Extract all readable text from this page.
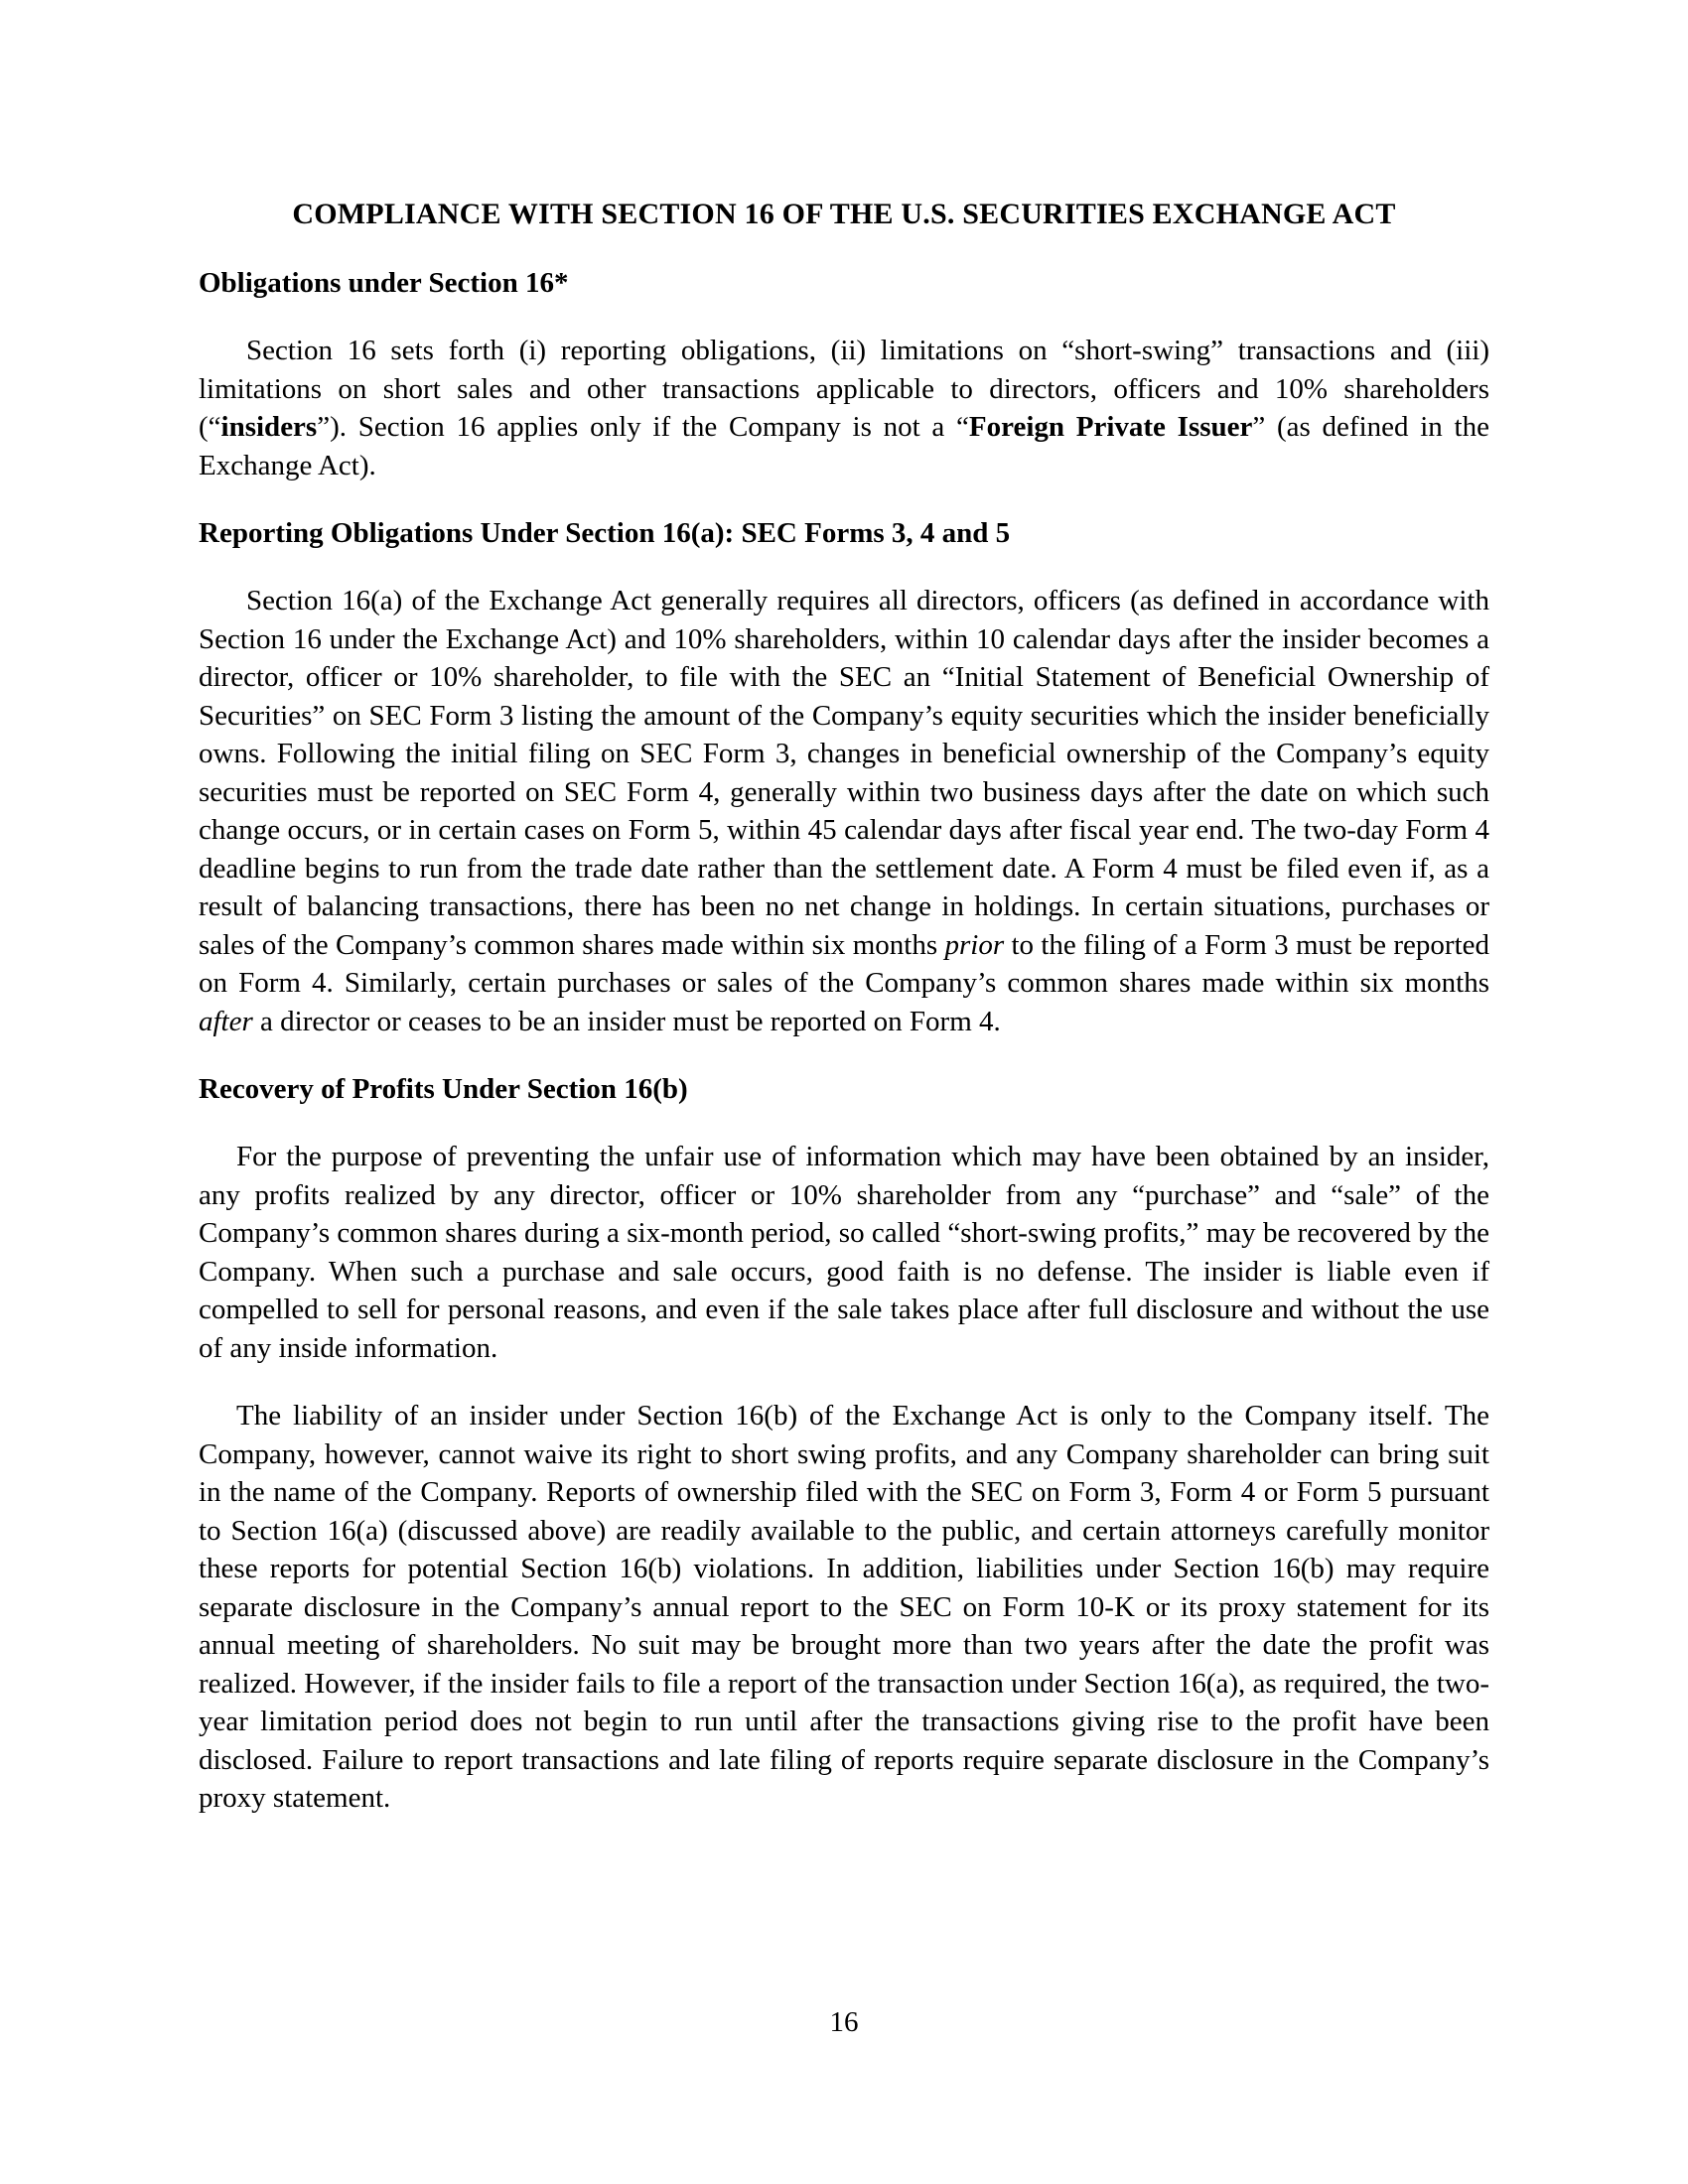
COMPLIANCE WITH SECTION 16 OF THE U.S. SECURITIES EXCHANGE ACT
Obligations under Section 16*

Section 16 sets forth (i) reporting obligations, (ii) limitations on “short-swing” transactions and (iii) limitations on short sales and other transactions applicable to directors, officers and 10% shareholders (“insiders”). Section 16 applies only if the Company is not a “Foreign Private Issuer” (as defined in the Exchange Act).

Reporting Obligations Under Section 16(a): SEC Forms 3, 4 and 5

Section 16(a) of the Exchange Act generally requires all directors, officers (as defined in accordance with Section 16 under the Exchange Act) and 10% shareholders, within 10 calendar days after the insider becomes a director, officer or 10% shareholder, to file with the SEC an “Initial Statement of Beneficial Ownership of Securities” on SEC Form 3 listing the amount of the Company’s equity securities which the insider beneficially owns. Following the initial filing on SEC Form 3, changes in beneficial ownership of the Company’s equity securities must be reported on SEC Form 4, generally within two business days after the date on which such change occurs, or in certain cases on Form 5, within 45 calendar days after fiscal year end. The two-day Form 4 deadline begins to run from the trade date rather than the settlement date. A Form 4 must be filed even if, as a result of balancing transactions, there has been no net change in holdings. In certain situations, purchases or sales of the Company’s common shares made within six months prior to the filing of a Form 3 must be reported on Form 4. Similarly, certain purchases or sales of the Company’s common shares made within six months after a director or ceases to be an insider must be reported on Form 4.

Recovery of Profits Under Section 16(b)

For the purpose of preventing the unfair use of information which may have been obtained by an insider, any profits realized by any director, officer or 10% shareholder from any “purchase” and “sale” of the Company’s common shares during a six-month period, so called “short-swing profits,” may be recovered by the Company. When such a purchase and sale occurs, good faith is no defense. The insider is liable even if compelled to sell for personal reasons, and even if the sale takes place after full disclosure and without the use of any inside information.

The liability of an insider under Section 16(b) of the Exchange Act is only to the Company itself. The Company, however, cannot waive its right to short swing profits, and any Company shareholder can bring suit in the name of the Company. Reports of ownership filed with the SEC on Form 3, Form 4 or Form 5 pursuant to Section 16(a) (discussed above) are readily available to the public, and certain attorneys carefully monitor these reports for potential Section 16(b) violations. In addition, liabilities under Section 16(b) may require separate disclosure in the Company’s annual report to the SEC on Form 10-K or its proxy statement for its annual meeting of shareholders. No suit may be brought more than two years after the date the profit was realized. However, if the insider fails to file a report of the transaction under Section 16(a), as required, the two-year limitation period does not begin to run until after the transactions giving rise to the profit have been disclosed. Failure to report transactions and late filing of reports require separate disclosure in the Company’s proxy statement.

16
